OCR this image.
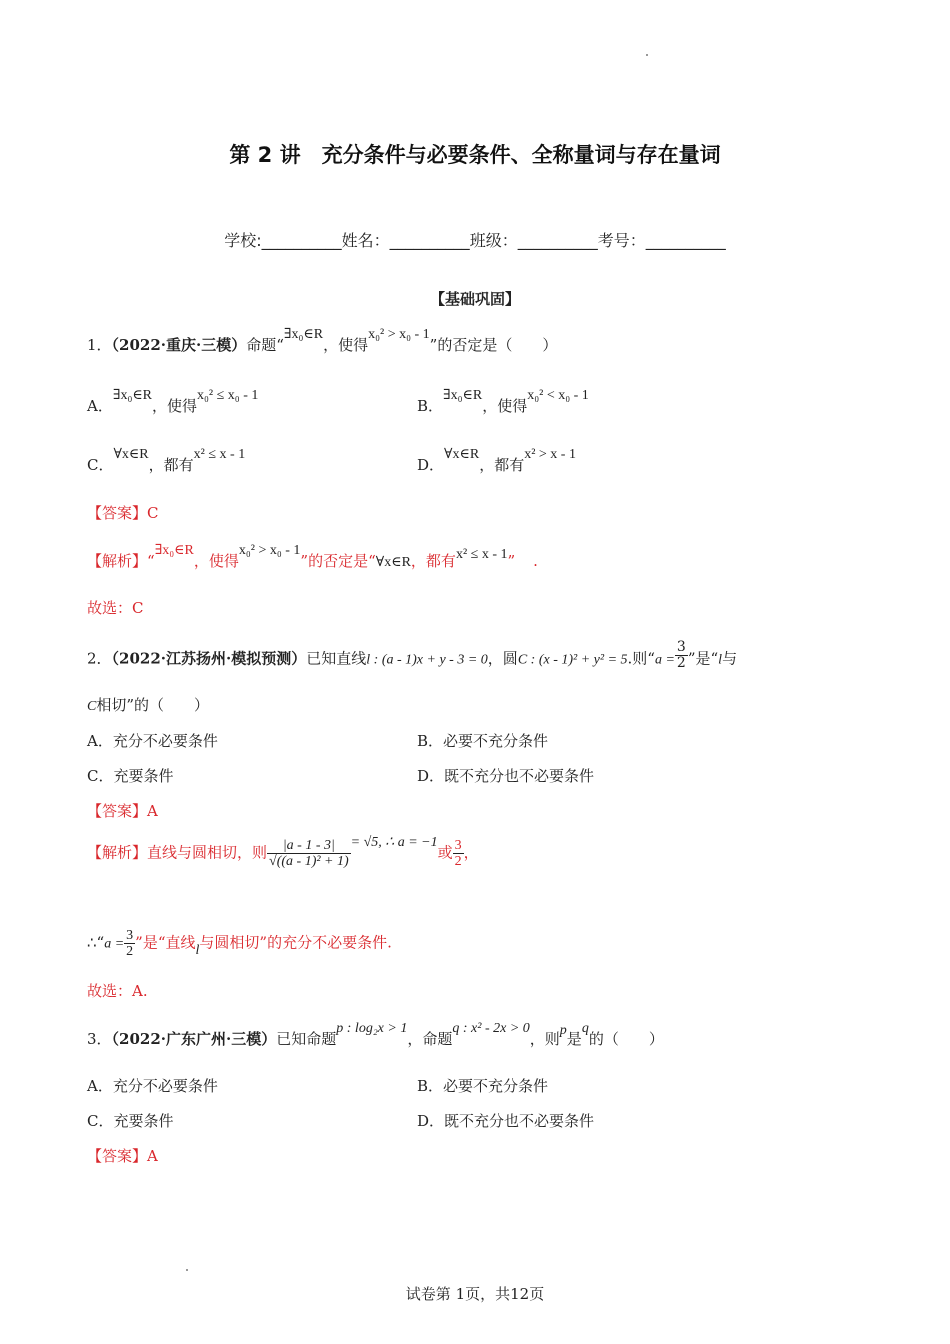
第 2 讲　充分条件与必要条件、全称量词与存在量词
学校:__________姓名：__________班级：__________考号：__________
【基础巩固】
1．（2022·重庆·三模）命题“∃x₀∈R，使得x₀² > x₀ - 1”的否定是（　　）
A．∃x₀∈R，使得x₀² ≤ x₀ - 1
B．∃x₀∈R，使得x₀² < x₀ - 1
C．∀x∈R，都有x² ≤ x - 1
D．∀x∈R，都有x² > x - 1
【答案】C
【解析】“∃x₀∈R，使得x₀² > x₀ - 1”的否定是“∀x∈R，都有x² ≤ x - 1” .
故选：C
2．（2022·江苏扬州·模拟预测）已知直线l : (a - 1)x + y - 3 = 0，圆C : (x - 1)² + y² = 5.则“$a = \frac{3}{2}$ ”是“l与
C相切”的（　　）
A．充分不必要条件	B．必要不充分条件
C．充要条件	D．既不充分也不必要条件
【答案】A
【解析】直线与圆相切，则 $\frac{|a - 1 - 3|}{\text{√((a - 1)² + 1)}} = √5$, ∴ a = −1或 $\frac{3}{2}$ ，
∴“a = $\frac{3}{2}$ ”是“直线l与圆相切”的充分不必要条件.
故选：A.
3．（2022·广东广州·三模）已知命题p : log₂x > 1，命题q : x² - 2x > 0，则p是q的（　　）
A．充分不必要条件	B．必要不充分条件
C．充要条件	D．既不充分也不必要条件
【答案】A
试卷第 1页，共12页
